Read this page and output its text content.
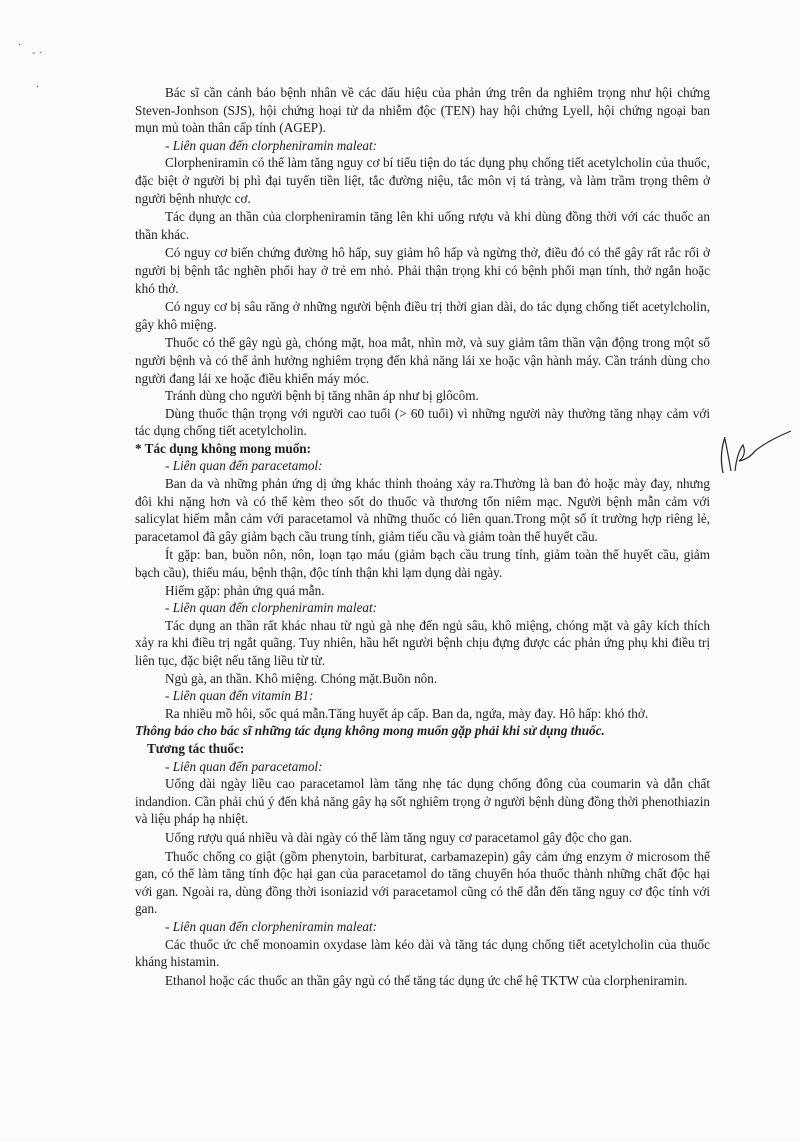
·
‐ ·
·	Bác sĩ cần cảnh báo bệnh nhân về các dấu hiệu của phản ứng trên da nghiêm trọng như hội chứng Steven-Jonhson (SJS), hội chứng hoại tử da nhiễm độc (TEN) hay hội chứng Lyell, hội chứng ngoại ban mụn mủ toàn thân cấp tính (AGEP).

- Liên quan đến clorpheniramin maleat:

Clorpheniramin có thể làm tăng nguy cơ bí tiểu tiện do tác dụng phụ chống tiết acetylcholin của thuốc, đặc biệt ở người bị phì đại tuyến tiền liệt, tắc đường niệu, tắc môn vị tá tràng, và làm trầm trọng thêm ở người bệnh nhược cơ.

Tác dụng an thần của clorpheniramin tăng lên khi uống rượu và khi dùng đồng thời với các thuốc an thần khác.

Có nguy cơ biến chứng đường hô hấp, suy giảm hô hấp và ngừng thở, điều đó có thể gây rất rắc rối ở người bị bệnh tắc nghẽn phổi hay ở trẻ em nhỏ. Phải thận trọng khi có bệnh phổi mạn tính, thở ngắn hoặc khó thở.

Có nguy cơ bị sâu răng ở những người bệnh điều trị thời gian dài, do tác dụng chống tiết acetylcholin, gây khô miệng.

Thuốc có thể gây ngủ gà, chóng mặt, hoa mắt, nhìn mờ, và suy giảm tâm thần vận động trong một số người bệnh và có thể ảnh hưởng nghiêm trọng đến khả năng lái xe hoặc vận hành máy. Cần tránh dùng cho người đang lái xe hoặc điều khiển máy móc.

Tránh dùng cho người bệnh bị tăng nhãn áp như bị glôcôm.

Dùng thuốc thận trọng với người cao tuổi (> 60 tuổi) vì những người này thường tăng nhạy cảm với tác dụng chống tiết acetylcholin.

* Tác dụng không mong muốn:

- Liên quan đến paracetamol:

Ban da và những phản ứng dị ứng khác thỉnh thoảng xảy ra.Thường là ban đỏ hoặc mày đay, nhưng đôi khi nặng hơn và có thể kèm theo sốt do thuốc và thương tổn niêm mạc. Người bệnh mẫn cảm với salicylat hiếm mẫn cảm với paracetamol và những thuốc có liên quan.Trong một số ít trường hợp riêng lẻ, paracetamol đã gây giảm bạch cầu trung tính, giảm tiểu cầu và giảm toàn thể huyết cầu.

Ít gặp: ban, buồn nôn, nôn, loạn tạo máu (giảm bạch cầu trung tính, giảm toàn thể huyết cầu, giảm bạch cầu), thiếu máu, bệnh thận, độc tính thận khi lạm dụng dài ngày.

Hiếm gặp: phản ứng quá mẫn.

- Liên quan đến clorpheniramin maleat:

Tác dụng an thần rất khác nhau từ ngủ gà nhẹ đến ngủ sâu, khô miệng, chóng mặt và gây kích thích xảy ra khi điều trị ngắt quãng. Tuy nhiên, hầu hết người bệnh chịu đựng được các phản ứng phụ khi điều trị liên tục, đặc biệt nếu tăng liều từ từ.

Ngủ gà, an thần. Khô miệng. Chóng mặt.Buồn nôn.

- Liên quan đến vitamin B1:

Ra nhiều mồ hôi, sốc quá mẫn.Tăng huyết áp cấp. Ban da, ngứa, mày đay. Hô hấp: khó thở.

Thông báo cho bác sĩ những tác dụng không mong muốn gặp phải khi sử dụng thuốc.

Tương tác thuốc:

- Liên quan đến paracetamol:

Uống dài ngày liều cao paracetamol làm tăng nhẹ tác dụng chống đông của coumarin và dẫn chất indandion. Cần phải chú ý đến khả năng gây hạ sốt nghiêm trọng ở người bệnh dùng đồng thời phenothiazin và liệu pháp hạ nhiệt.

Uống rượu quá nhiều và dài ngày có thể làm tăng nguy cơ paracetamol gây độc cho gan.

Thuốc chống co giật (gồm phenytoin, barbiturat, carbamazepin) gây cảm ứng enzym ở microsom thể gan, có thể làm tăng tính độc hại gan của paracetamol do tăng chuyển hóa thuốc thành những chất độc hại với gan. Ngoài ra, dùng đồng thời isoniazid với paracetamol cũng có thể dẫn đến tăng nguy cơ độc tính với gan.

- Liên quan đến clorpheniramin maleat:

Các thuốc ức chế monoamin oxydase làm kéo dài và tăng tác dụng chống tiết acetylcholin của thuốc kháng histamin.

Ethanol hoặc các thuốc an thần gây ngủ có thể tăng tác dụng ức chế hệ TKTW của clorpheniramin.
